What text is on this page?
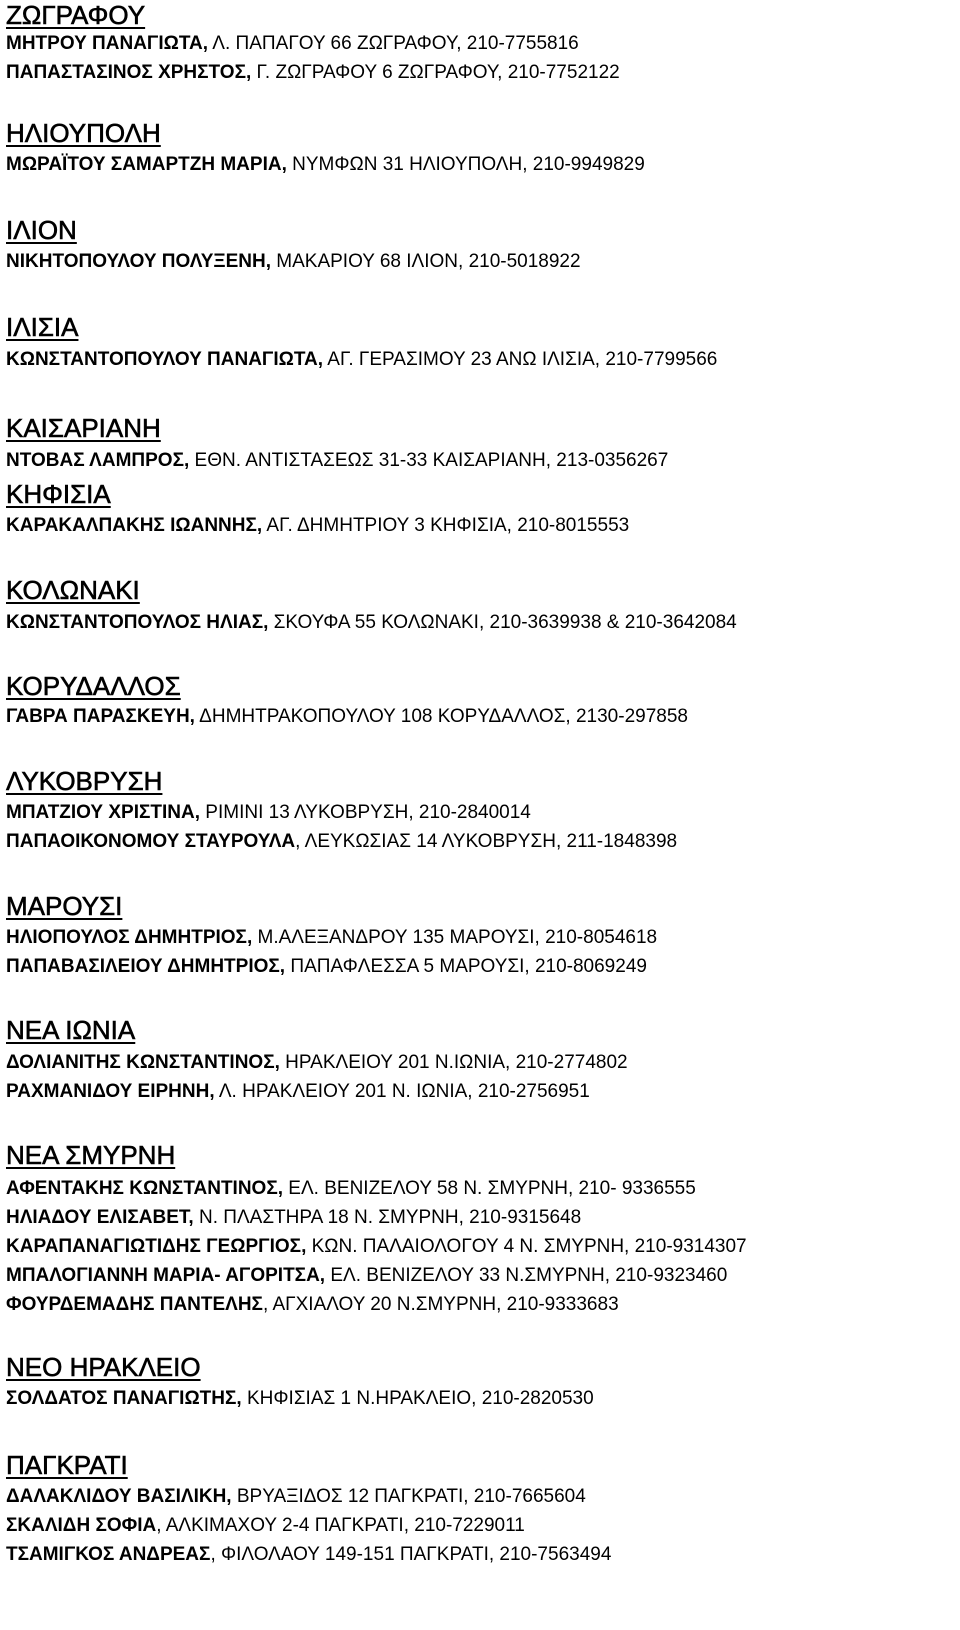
ΖΩΓΡΑΦΟΥ
ΜΗΤΡΟΥ ΠΑΝΑΓΙΩΤΑ, Λ. ΠΑΠΑΓΟΥ 66 ΖΩΓΡΑΦΟΥ, 210-7755816
ΠΑΠΑΣΤΑΣΙΝΟΣ ΧΡΗΣΤΟΣ, Γ. ΖΩΓΡΑΦΟΥ 6 ΖΩΓΡΑΦΟΥ, 210-7752122
ΗΛΙΟΥΠΟΛΗ
ΜΩΡΑΪΤΟΥ ΣΑΜΑΡΤΖΗ ΜΑΡΙΑ, ΝΥΜΦΩΝ 31 ΗΛΙΟΥΠΟΛΗ, 210-9949829
ΙΛΙΟΝ
ΝΙΚΗΤΟΠΟΥΛΟΥ ΠΟΛΥΞΕΝΗ, ΜΑΚΑΡΙΟΥ 68 ΙΛΙΟΝ, 210-5018922
ΙΛΙΣΙΑ
ΚΩΝΣΤΑΝΤΟΠΟΥΛΟΥ ΠΑΝΑΓΙΩΤΑ, ΑΓ. ΓΕΡΑΣΙΜΟΥ 23 ΑΝΩ ΙΛΙΣΙΑ, 210-7799566
ΚΑΙΣΑΡΙΑΝΗ
ΝΤΟΒΑΣ ΛΑΜΠΡΟΣ, ΕΘΝ. ΑΝΤΙΣΤΑΣΕΩΣ 31-33 ΚΑΙΣΑΡΙΑΝΗ, 213-0356267
ΚΗΦΙΣΙΑ
ΚΑΡΑΚΑΛΠΑΚΗΣ ΙΩΑΝΝΗΣ, ΑΓ. ΔΗΜΗΤΡΙΟΥ 3 ΚΗΦΙΣΙΑ, 210-8015553
ΚΟΛΩΝΑΚΙ
ΚΩΝΣΤΑΝΤΟΠΟΥΛΟΣ ΗΛΙΑΣ, ΣΚΟΥΦΑ 55 ΚΟΛΩΝΑΚΙ, 210-3639938 & 210-3642084
ΚΟΡΥΔΑΛΛΟΣ
ΓΑΒΡΑ ΠΑΡΑΣΚΕΥΗ, ΔΗΜΗΤΡΑΚΟΠΟΥΛΟΥ 108 ΚΟΡΥΔΑΛΛΟΣ, 2130-297858
ΛΥΚΟΒΡΥΣΗ
ΜΠΑΤΖΙΟΥ ΧΡΙΣΤΙΝΑ, ΡΙΜΙΝΙ 13 ΛΥΚΟΒΡΥΣΗ, 210-2840014
ΠΑΠΑΟΙΚΟΝΟΜΟΥ ΣΤΑΥΡΟΥΛΑ, ΛΕΥΚΩΣΙΑΣ 14 ΛΥΚΟΒΡΥΣΗ, 211-1848398
ΜΑΡΟΥΣΙ
ΗΛΙΟΠΟΥΛΟΣ ΔΗΜΗΤΡΙΟΣ, Μ.ΑΛΕΞΑΝΔΡΟΥ 135 ΜΑΡΟΥΣΙ, 210-8054618
ΠΑΠΑΒΑΣΙΛΕΙΟΥ ΔΗΜΗΤΡΙΟΣ, ΠΑΠΑΦΛΕΣΣΑ 5 ΜΑΡΟΥΣΙ, 210-8069249
ΝΕΑ ΙΩΝΙΑ
ΔΟΛΙΑΝΙΤΗΣ ΚΩΝΣΤΑΝΤΙΝΟΣ, ΗΡΑΚΛΕΙΟΥ 201 Ν.ΙΩΝΙΑ, 210-2774802
ΡΑΧΜΑΝΙΔΟΥ ΕΙΡΗΝΗ, Λ. ΗΡΑΚΛΕΙΟΥ 201 Ν. ΙΩΝΙΑ, 210-2756951
ΝΕΑ ΣΜΥΡΝΗ
ΑΦΕΝΤΑΚΗΣ ΚΩΝΣΤΑΝΤΙΝΟΣ, ΕΛ. ΒΕΝΙΖΕΛΟΥ 58 Ν. ΣΜΥΡΝΗ, 210- 9336555
ΗΛΙΑΔΟΥ ΕΛΙΣΑΒΕΤ, Ν. ΠΛΑΣΤΗΡΑ 18 Ν. ΣΜΥΡΝΗ, 210-9315648
ΚΑΡΑΠΑΝΑΓΙΩΤΙΔΗΣ ΓΕΩΡΓΙΟΣ, ΚΩΝ. ΠΑΛΑΙΟΛΟΓΟΥ 4 Ν. ΣΜΥΡΝΗ, 210-9314307
ΜΠΑΛΟΓΙΑΝΝΗ ΜΑΡΙΑ- ΑΓΟΡΙΤΣΑ, ΕΛ. ΒΕΝΙΖΕΛΟΥ 33 Ν.ΣΜΥΡΝΗ, 210-9323460
ΦΟΥΡΔΕΜΑΔΗΣ ΠΑΝΤΕΛΗΣ, ΑΓΧΙΑΛΟΥ 20 Ν.ΣΜΥΡΝΗ, 210-9333683
ΝΕΟ ΗΡΑΚΛΕΙΟ
ΣΟΛΔΑΤΟΣ ΠΑΝΑΓΙΩΤΗΣ, ΚΗΦΙΣΙΑΣ 1 Ν.ΗΡΑΚΛΕΙΟ, 210-2820530
ΠΑΓΚΡΑΤΙ
ΔΑΛΑΚΛΙΔΟΥ ΒΑΣΙΛΙΚΗ, ΒΡΥΑΞΙΔΟΣ 12 ΠΑΓΚΡΑΤΙ, 210-7665604
ΣΚΑΛΙΔΗ ΣΟΦΙΑ, ΑΛΚΙΜΑΧΟΥ 2-4 ΠΑΓΚΡΑΤΙ, 210-7229011
ΤΣΑΜΙΓΚΟΣ ΑΝΔΡΕΑΣ, ΦΙΛΟΛΑΟΥ 149-151 ΠΑΓΚΡΑΤΙ, 210-7563494
